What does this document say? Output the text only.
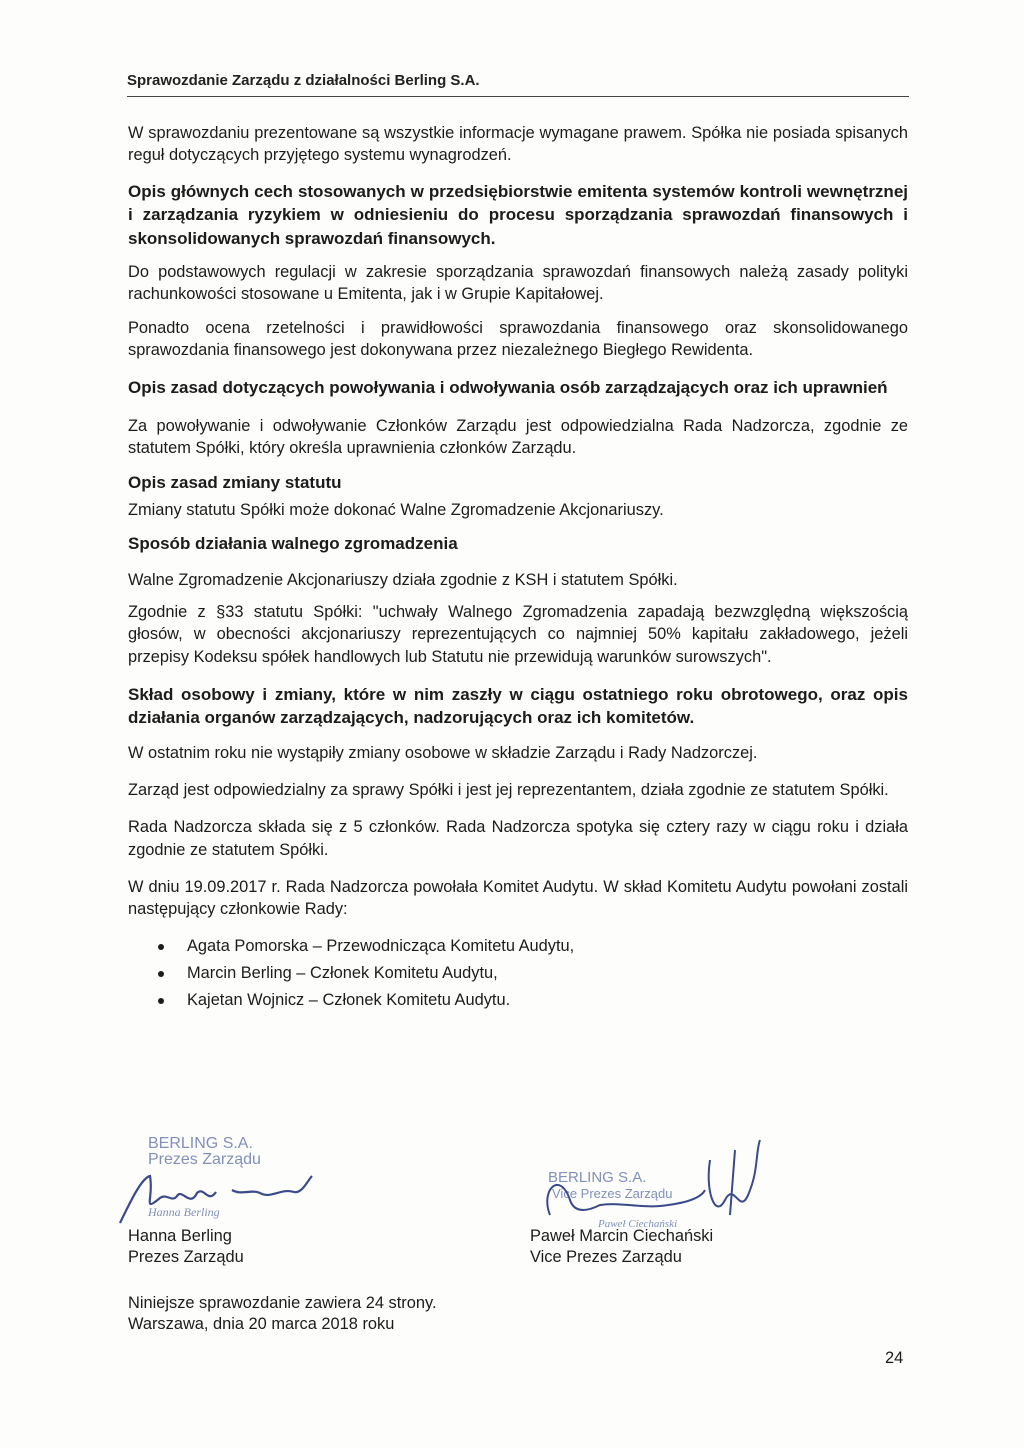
Sprawozdanie Zarządu z działalności Berling S.A.

W sprawozdaniu prezentowane są wszystkie informacje wymagane prawem. Spółka nie posiada spisanych reguł dotyczących przyjętego systemu wynagrodzeń.

Opis głównych cech stosowanych w przedsiębiorstwie emitenta systemów kontroli wewnętrznej i zarządzania ryzykiem w odniesieniu do procesu sporządzania sprawozdań finansowych i skonsolidowanych sprawozdań finansowych.

Do podstawowych regulacji w zakresie sporządzania sprawozdań finansowych należą zasady polityki rachunkowości stosowane u Emitenta, jak i w Grupie Kapitałowej.

Ponadto ocena rzetelności i prawidłowości sprawozdania finansowego oraz skonsolidowanego sprawozdania finansowego jest dokonywana przez niezależnego Biegłego Rewidenta.

Opis zasad dotyczących powoływania i odwoływania osób zarządzających oraz ich uprawnień

Za powoływanie i odwoływanie Członków Zarządu jest odpowiedzialna Rada Nadzorcza, zgodnie ze statutem Spółki, który określa uprawnienia członków Zarządu.

Opis zasad zmiany statutu

Zmiany statutu Spółki może dokonać Walne Zgromadzenie Akcjonariuszy.

Sposób działania walnego zgromadzenia

Walne Zgromadzenie Akcjonariuszy działa zgodnie z KSH i statutem Spółki.

Zgodnie z §33 statutu Spółki: "uchwały Walnego Zgromadzenia zapadają bezwzględną większością głosów, w obecności akcjonariuszy reprezentujących co najmniej 50% kapitału zakładowego, jeżeli przepisy Kodeksu spółek handlowych lub Statutu nie przewidują warunków surowszych".

Skład osobowy i zmiany, które w nim zaszły w ciągu ostatniego roku obrotowego, oraz opis działania organów zarządzających, nadzorujących oraz ich komitetów.

W ostatnim roku nie wystąpiły zmiany osobowe w składzie Zarządu i Rady Nadzorczej.

Zarząd jest odpowiedzialny za sprawy Spółki i jest jej reprezentantem, działa zgodnie ze statutem Spółki.

Rada Nadzorcza składa się z 5 członków. Rada Nadzorcza spotyka się cztery razy w ciągu roku i działa zgodnie ze statutem Spółki.

W dniu 19.09.2017 r. Rada Nadzorcza powołała Komitet Audytu. W skład Komitetu Audytu powołani zostali następujący członkowie Rady:

Agata Pomorska – Przewodnicząca Komitetu Audytu,
Marcin Berling – Członek Komitetu Audytu,
Kajetan Wojnicz – Członek Komitetu Audytu.
BERLING S.A.
Prezes Zarządu
Hanna Berling
Hanna Berling
Prezes Zarządu
BERLING S.A.
Vice Prezes Zarządu
Paweł Ciechański
Paweł Marcin Ciechański
Vice Prezes Zarządu
Niniejsze sprawozdanie zawiera 24 strony.
Warszawa, dnia 20 marca 2018 roku
24
